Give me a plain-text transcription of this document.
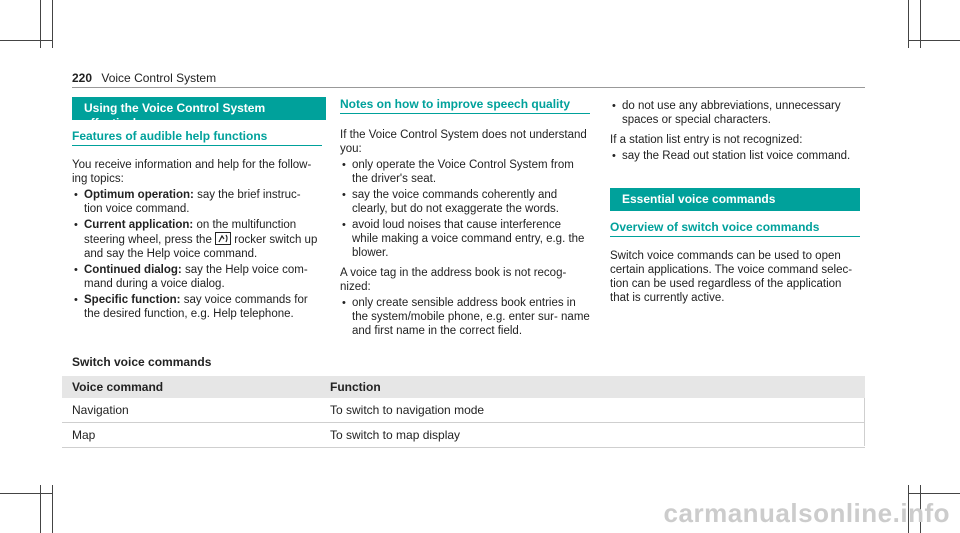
220 Voice Control System
Using the Voice Control System effectively
Features of audible help functions

You receive information and help for the follow- ing topics:

• Optimum operation: say the brief instruc- tion voice command.
• Current application: on the multifunction steering wheel, press the rocker switch up and say the Help voice command.
• Continued dialog: say the Help voice com- mand during a voice dialog.
• Specific function: say voice commands for the desired function, e.g. Help telephone.
Notes on how to improve speech quality

If the Voice Control System does not understand you:

• only operate the Voice Control System from the driver's seat.
• say the voice commands coherently and clearly, but do not exaggerate the words.
• avoid loud noises that cause interference while making a voice command entry, e.g. the blower.

A voice tag in the address book is not recog- nized:

• only create sensible address book entries in the system/mobile phone, e.g. enter sur- name and first name in the correct field.
• do not use any abbreviations, unnecessary spaces or special characters.

If a station list entry is not recognized:

• say the Read out station list voice command.
Essential voice commands
Overview of switch voice commands

Switch voice commands can be used to open certain applications. The voice command selec- tion can be used regardless of the application that is currently active.

Switch voice commands
Voice command	Function
Navigation	To switch to navigation mode
Map	To switch to map display
carmanualsonline.info
